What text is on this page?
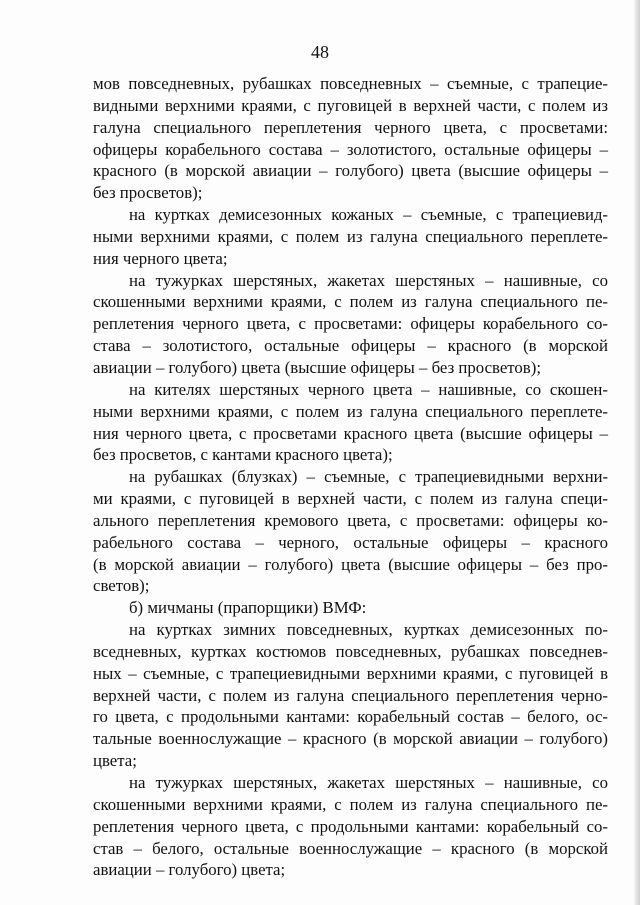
48
мов повседневных, рубашках повседневных – съемные, с трапецие-
видными верхними краями, с пуговицей в верхней части, с полем из
галуна специального переплетения черного цвета, с просветами:
офицеры корабельного состава – золотистого, остальные офицеры –
красного (в морской авиации – голубого) цвета (высшие офицеры –
без просветов);
на куртках демисезонных кожаных – съемные, с трапециевид-
ными верхними краями, с полем из галуна специального переплете-
ния черного цвета;
на тужурках шерстяных, жакетах шерстяных – нашивные, со
скошенными верхними краями, с полем из галуна специального пе-
реплетения черного цвета, с просветами: офицеры корабельного со-
става – золотистого, остальные офицеры – красного (в морской
авиации – голубого) цвета (высшие офицеры – без просветов);
на кителях шерстяных черного цвета – нашивные, со скошен-
ными верхними краями, с полем из галуна специального переплете-
ния черного цвета, с просветами красного цвета (высшие офицеры –
без просветов, с кантами красного цвета);
на рубашках (блузках) – съемные, с трапециевидными верхни-
ми краями, с пуговицей в верхней части, с полем из галуна специ-
ального переплетения кремового цвета, с просветами: офицеры ко-
рабельного состава – черного, остальные офицеры – красного
(в морской авиации – голубого) цвета (высшие офицеры – без про-
светов);
б) мичманы (прапорщики) ВМФ:
на куртках зимних повседневных, куртках демисезонных по-
вседневных, куртках костюмов повседневных, рубашках повседнев-
ных – съемные, с трапециевидными верхними краями, с пуговицей в
верхней части, с полем из галуна специального переплетения черно-
го цвета, с продольными кантами: корабельный состав – белого, ос-
тальные военнослужащие – красного (в морской авиации – голубого)
цвета;
на тужурках шерстяных, жакетах шерстяных – нашивные, со
скошенными верхними краями, с полем из галуна специального пе-
реплетения черного цвета, с продольными кантами: корабельный со-
став – белого, остальные военнослужащие – красного (в морской
авиации – голубого) цвета;
